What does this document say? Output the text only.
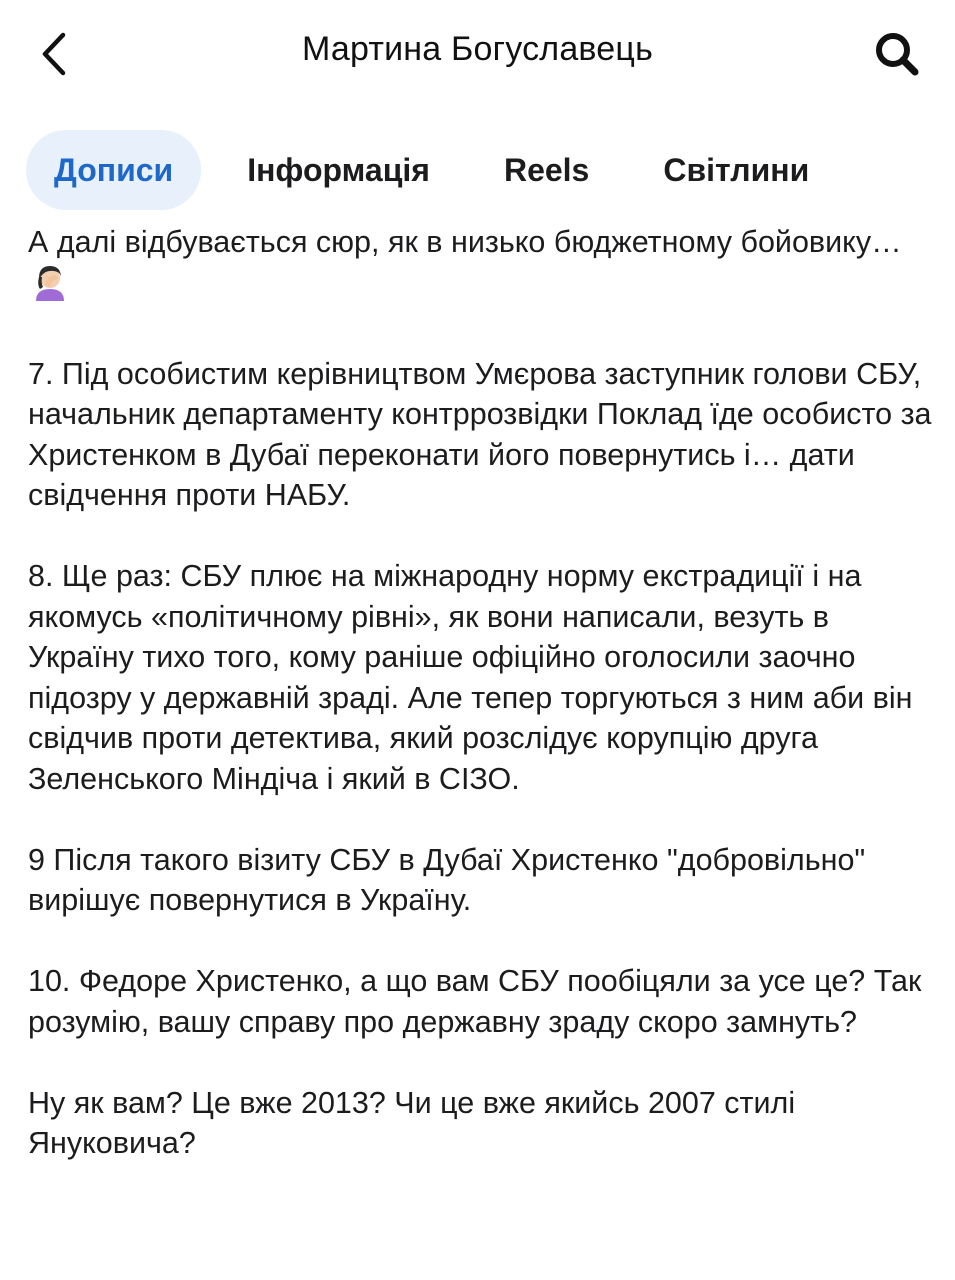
Мартина Богуславець
Дописи	Інформація	Reels	Світлини

А далі відбувається сюр, як в низько бюджетному бойовику…

7. Під особистим керівництвом Умєрова заступник голови СБУ, начальник департаменту контррозвідки Поклад їде особисто за Христенком в Дубаї переконати його повернутись і… дати свідчення проти НАБУ.

8. Ще раз: СБУ плює на міжнародну норму екстрадиції і на якомусь «політичному рівні», як вони написали, везуть в Україну тихо того, кому раніше офіційно оголосили заочно підозру у державній зраді. Але тепер торгуються з ним аби він свідчив проти детектива, який розслідує корупцію друга Зеленського Міндіча і який в СІЗО.

9 Після такого візиту СБУ в Дубаї Христенко "добровільно" вирішує повернутися в Україну.

10. Федоре Христенко, а що вам СБУ пообіцяли за усе це? Так розумію, вашу справу про державну зраду скоро замнуть?

Ну як вам? Це вже 2013? Чи це вже якийсь 2007 стилі Януковича?
